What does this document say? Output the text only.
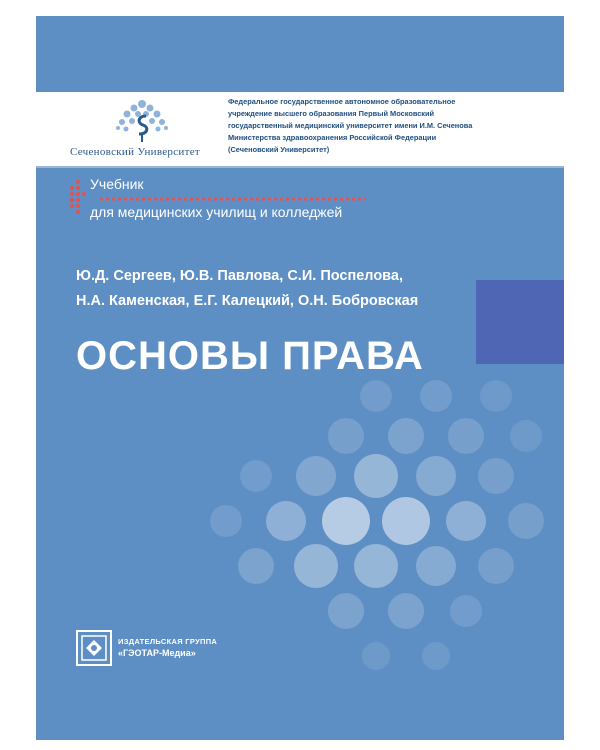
Сеченовский Университет
Федеральное государственное автономное образовательное
учреждение высшего образования Первый Московский
государственный медицинский университет имени И.М. Сеченова
Министерства здравоохранения Российской Федерации
(Сеченовский Университет)
Учебник
для медицинских училищ и колледжей
Ю.Д. Сергеев, Ю.В. Павлова, С.И. Поспелова,
Н.А. Каменская, Е.Г. Калецкий, О.Н. Бобровская
ОСНОВЫ ПРАВА
ИЗДАТЕЛЬСКАЯ ГРУППА
«ГЭОТАР-Медиа»
